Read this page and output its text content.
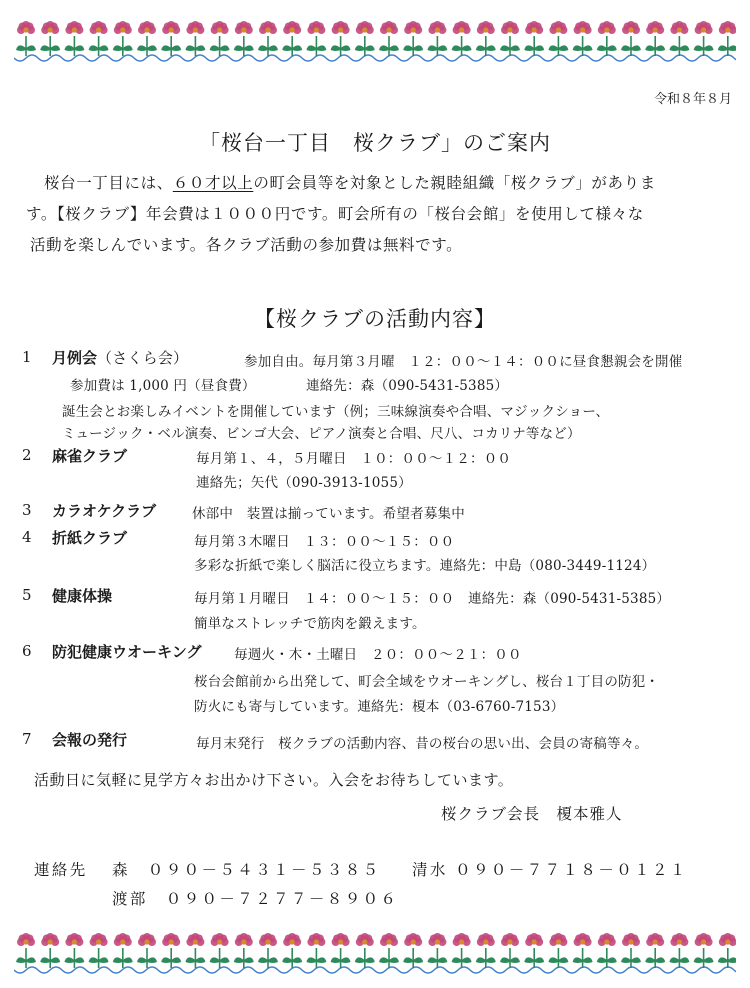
令和８年８月
「桜台一丁目　桜クラブ」のご案内
桜台一丁目には、６０才以上の町会員等を対象とした親睦組織「桜クラブ」がありま
す。【桜クラブ】年会費は１０００円です。町会所有の「桜台会館」を使用して様々な
活動を楽しんでいます。各クラブ活動の参加費は無料です。
【桜クラブの活動内容】
1 月例会（さくら会）	参加自由。毎月第３月曜　１２：００～１４：００に昼食懇親会を開催
参加費は 1,000 円（昼食費）	連絡先：森（090-5431-5385）
誕生会とお楽しみイベントを開催しています（例；三味線演奏や合唱、マジックショー、
ミュージック・ベル演奏、ビンゴ大会、ピアノ演奏と合唱、尺八、コカリナ等など）
2 麻雀クラブ	毎月第１、４，５月曜日　１０：００～１２：００
連絡先；矢代（090-3913-1055）
3 カラオケクラブ	休部中　装置は揃っています。希望者募集中
4 折紙クラブ	毎月第３木曜日　１３：００～１５：００
多彩な折紙で楽しく脳活に役立ちます。連絡先：中島（080-3449-1124）
5 健康体操	毎月第１月曜日　１４：００～１５：００　連絡先：森（090-5431-5385）
簡単なストレッチで筋肉を鍛えます。
6 防犯健康ウオーキング 毎週火・木・土曜日　２０：００～２１：００
桜台会館前から出発して、町会全域をウオーキングし、桜台１丁目の防犯・
防火にも寄与しています。連絡先：榎本（03-6760-7153）
7 会報の発行	毎月末発行　桜クラブの活動内容、昔の桜台の思い出、会員の寄稿等々。
活動日に気軽に見学方々お出かけ下さい。入会をお待ちしています。
桜クラブ会長　榎本雅人
連絡先 森　０９０－５４３１－５３８５ 清水 ０９０－７７１８－０１２１
渡部　０９０－７２７７－８９０６
